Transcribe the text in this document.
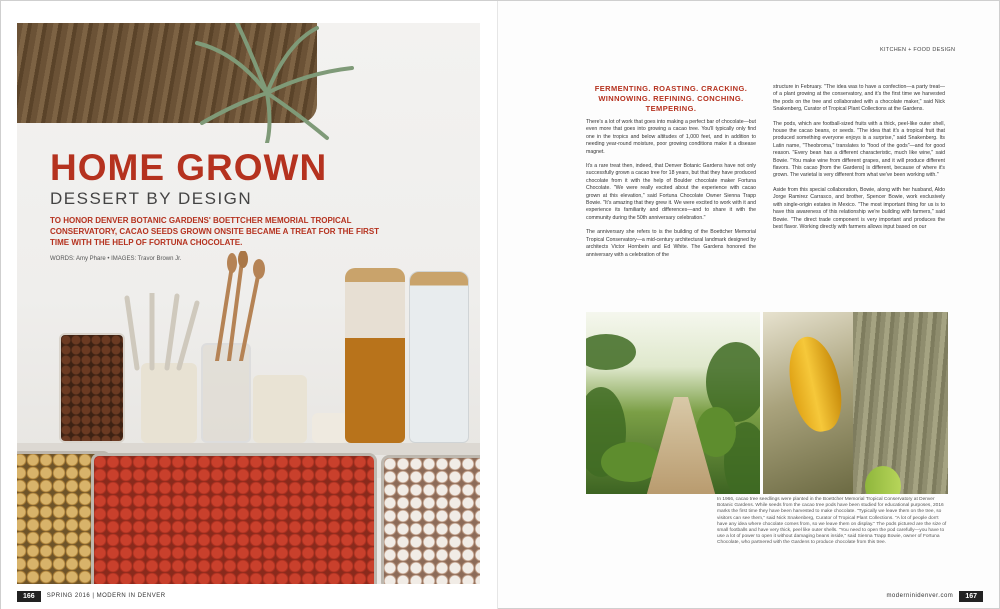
HOME GROWN
DESSERT BY DESIGN
TO HONOR DENVER BOTANIC GARDENS' BOETTCHER MEMORIAL TROPICAL CONSERVATORY, CACAO SEEDS GROWN ONSITE BECAME A TREAT FOR THE FIRST TIME WITH THE HELP OF FORTUNA CHOCOLATE.
WORDS: Amy Phare • IMAGES: Travor Brown Jr.
166	SPRING 2016 | MODERN IN DENVER
KITCHEN + FOOD DESIGN
FERMENTING. ROASTING. CRACKING. WINNOWING. REFINING. CONCHING. TEMPERING.

There's a lot of work that goes into making a perfect bar of chocolate—but even more that goes into growing a cacao tree. You'll typically only find one in the tropics and below altitudes of 1,000 feet, and in addition to needing year-round moisture, poor growing conditions make it a disease magnet.

It's a rare treat then, indeed, that Denver Botanic Gardens have not only successfully grown a cacao tree for 18 years, but that they have produced chocolate from it with the help of Boulder chocolate maker Fortuna Chocolate. "We were really excited about the experience with cacao grown at this elevation," said Fortuna Chocolate Owner Sienna Trapp Bowie. "It's amazing that they grew it. We were excited to work with it and experience its familiarity and differences—and to share it with the community during the 50th anniversary celebration."

The anniversary she refers to is the building of the Boettcher Memorial Tropical Conservatory—a mid-century architectural landmark designed by architects Victor Hornbein and Ed White. The Gardens honored the anniversary with a celebration of the

structure in February. "The idea was to have a confection—a party treat—of a plant growing at the conservatory, and it's the first time we harvested the pods on the tree and collaborated with a chocolate maker," said Nick Snakenberg, Curator of Tropical Plant Collections at the Gardens.

The pods, which are football-sized fruits with a thick, peel-like outer shell, house the cacao beans, or seeds. "The idea that it's a tropical fruit that produced something everyone enjoys is a surprise," said Snakenberg. Its Latin name, "Theobroma," translates to "food of the gods"—and for good reason. "Every bean has a different characteristic, much like wine," said Bowie. "You make wine from different grapes, and it will produce different flavors. This cacao [from the Gardens] is different, because of where it's grown. The varietal is very different from what we've been working with."

Aside from this special collaboration, Bowie, along with her husband, Aldo Jorge Ramirez Carrasco, and brother, Spencer Bowie, work exclusively with single-origin estates in Mexico. "The most important thing for us is to have this awareness of this relationship we're building with farmers," said Bowie. "The direct trade component is very important and produces the best flavor. Working directly with farmers allows input based on our

In 1966, cacao tree seedlings were planted in the Boettcher Memorial Tropical Conservatory at Denver Botanic Gardens. While seeds from the cacao tree pods have been studied for educational purposes, 2016 marks the first time they have been harvested to make chocolate. "Typically we leave them on the tree, so visitors can see them," said Nick Snakenberg, Curator of Tropical Plant Collections. "A lot of people don't have any idea where chocolate comes from, so we leave them on display." The pods pictured are the size of small footballs and have very thick, peel like outer shells. "You need to open the pod carefully—you have to use a lot of power to open it without damaging beans inside," said Sienna Trapp Bowie, owner of Fortuna Chocolate, who partnered with the Gardens to produce chocolate from this tree.
moderninidenver.com	167
